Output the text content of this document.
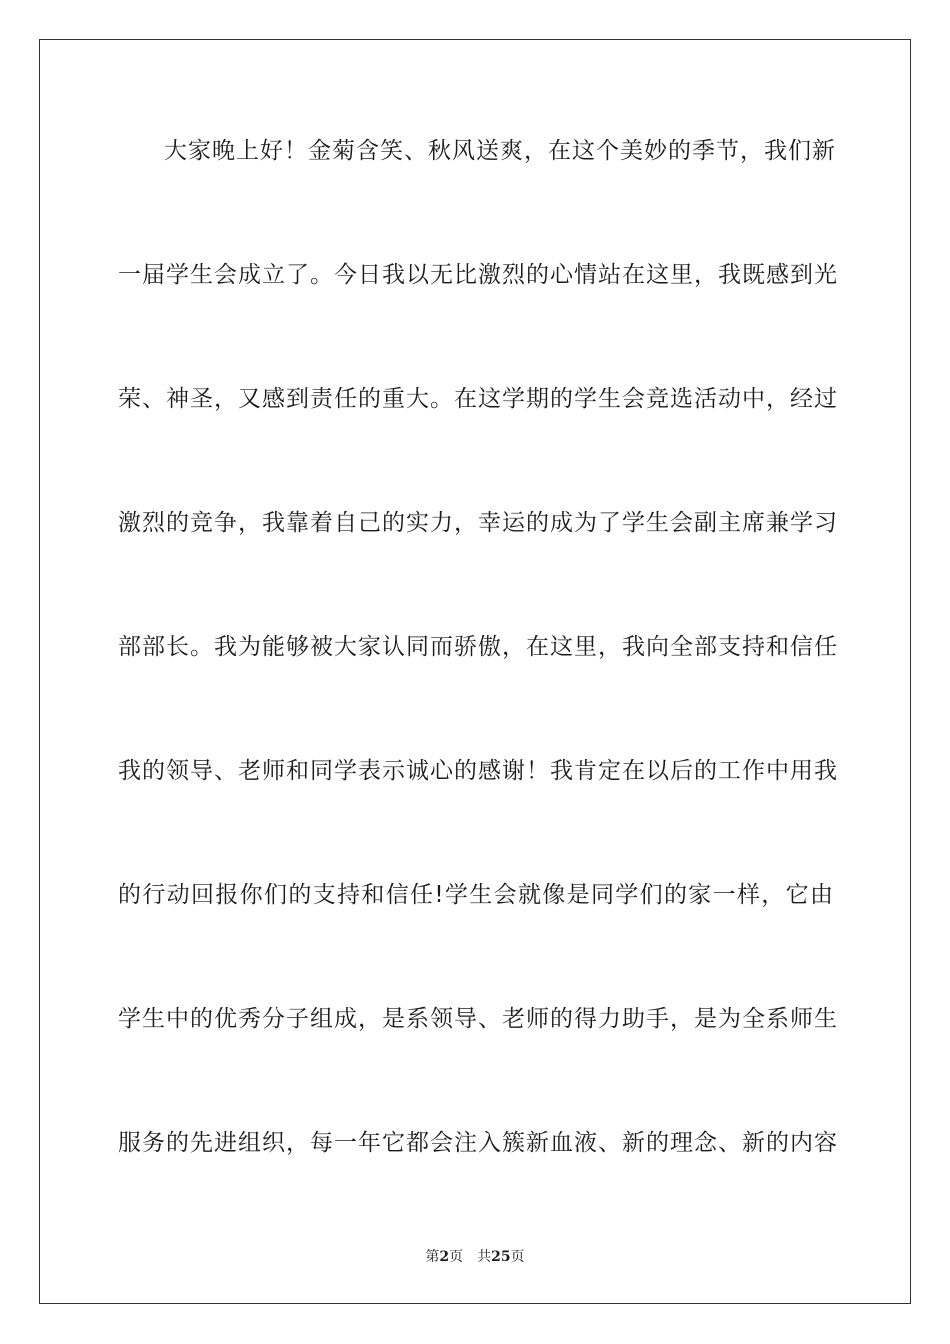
大家晚上好！金菊含笑、秋风送爽，在这个美妙的季节，我们新
一届学生会成立了。今日我以无比激烈的心情站在这里，我既感到光
荣、神圣，又感到责任的重大。在这学期的学生会竞选活动中，经过
激烈的竞争，我靠着自己的实力，幸运的成为了学生会副主席兼学习
部部长。我为能够被大家认同而骄傲，在这里，我向全部支持和信任
我的领导、老师和同学表示诚心的感谢！我肯定在以后的工作中用我
的行动回报你们的支持和信任!学生会就像是同学们的家一样，它由
学生中的优秀分子组成，是系领导、老师的得力助手，是为全系师生
服务的先进组织，每一年它都会注入簇新血液、新的理念、新的内容
第2页 共25页
